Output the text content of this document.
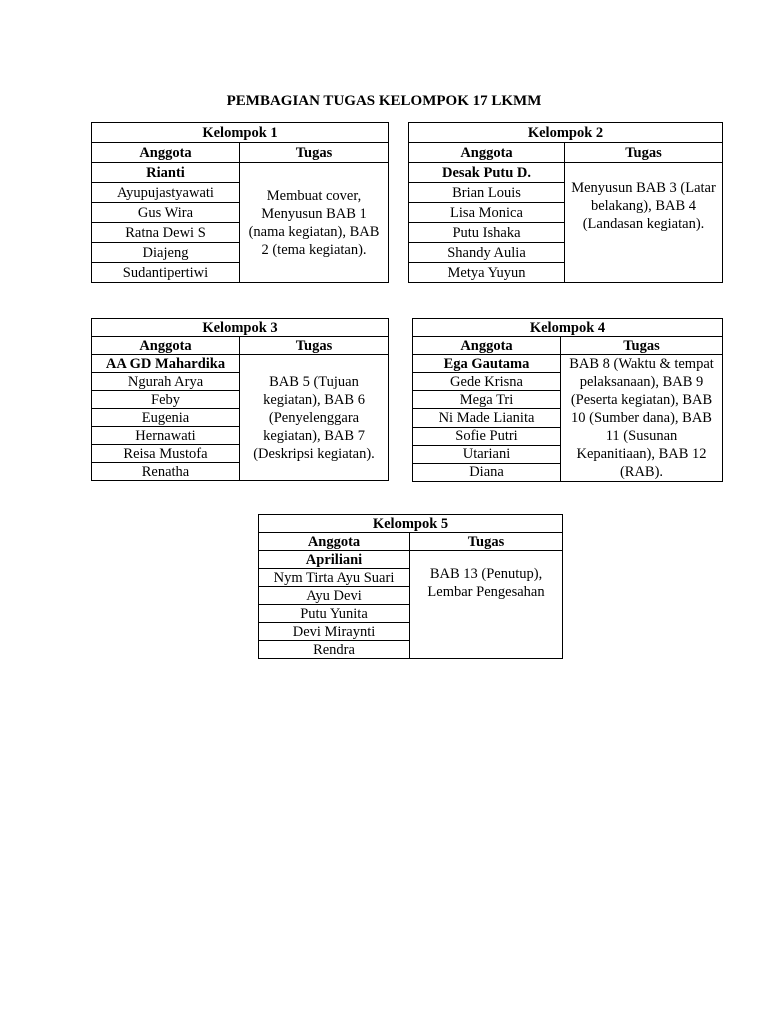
PEMBAGIAN TUGAS KELOMPOK 17 LKMM
Kelompok 1	
Anggota	Tugas
Rianti	Membuat cover, Menyusun BAB 1 (nama kegiatan), BAB 2 (tema kegiatan).
Ayupujastyawati	
Gus Wira	
Ratna Dewi S	
Diajeng	
Sudantipertiwi	
Kelompok 2	
Anggota	Tugas
Desak Putu D.	Menyusun BAB 3 (Latar belakang), BAB 4 (Landasan kegiatan).
Brian Louis	
Lisa Monica	
Putu Ishaka	
Shandy Aulia	
Metya Yuyun	
Kelompok 3	
Anggota	Tugas
AA GD Mahardika	BAB 5 (Tujuan kegiatan), BAB 6 (Penyelenggara kegiatan), BAB 7 (Deskripsi kegiatan).
Ngurah Arya	
Feby	
Eugenia	
Hernawati	
Reisa Mustofa	
Renatha	
Kelompok 4	
Anggota	Tugas
Ega Gautama	BAB 8 (Waktu & tempat pelaksanaan), BAB 9 (Peserta kegiatan), BAB 10 (Sumber dana), BAB 11 (Susunan Kepanitiaan), BAB 12 (RAB).
Gede Krisna	
Mega Tri	
Ni Made Lianita	
Sofie Putri	
Utariani	
Diana	
Kelompok 5	
Anggota	Tugas
Apriliani	BAB 13 (Penutup), Lembar Pengesahan
Nym Tirta Ayu Suari	
Ayu Devi	
Putu Yunita	
Devi Miraynti	
Rendra	
